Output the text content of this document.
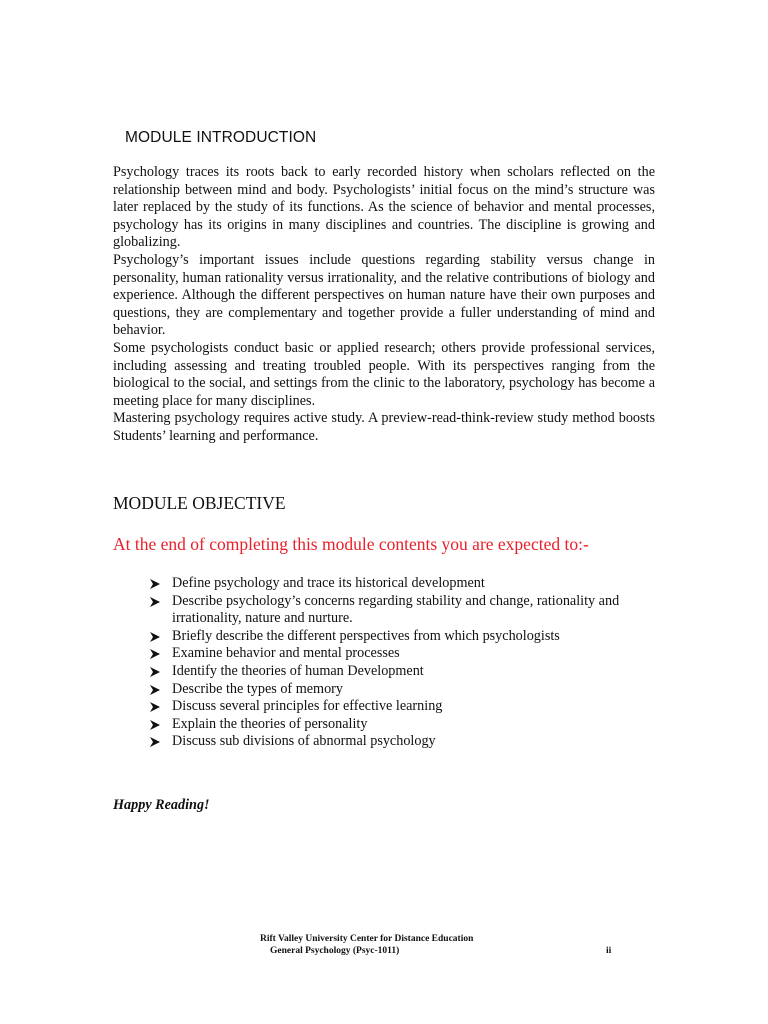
MODULE INTRODUCTION

Psychology traces its roots back to early recorded history when scholars reflected on the relationship between mind and body. Psychologists’ initial focus on the mind’s structure was later replaced by the study of its functions. As the science of behavior and mental processes, psychology has its origins in many disciplines and countries. The discipline is growing and globalizing.

Psychology’s important issues include questions regarding stability versus change in personality, human rationality versus irrationality, and the relative contributions of biology and experience. Although the different perspectives on human nature have their own purposes and questions, they are complementary and together provide a fuller understanding of mind and behavior.

Some psychologists conduct basic or applied research; others provide professional services, including assessing and treating troubled people. With its perspectives ranging from the biological to the social, and settings from the clinic to the laboratory, psychology has become a meeting place for many disciplines.

Mastering psychology requires active study. A preview-read-think-review study method boosts Students’ learning and performance.

MODULE OBJECTIVE

At the end of completing this module contents you are expected to:-

Define psychology and trace its historical development
Describe psychology’s concerns regarding stability and change, rationality and irrationality, nature and nurture.
Briefly describe the different perspectives from which psychologists
Examine behavior and mental processes
Identify the theories of human Development
Describe the types of memory
Discuss several principles for effective learning
Explain the theories of personality
Discuss sub divisions of abnormal psychology

Happy Reading!

Rift Valley University Center for Distance Education
General Psychology (Psyc-1011)	ii
